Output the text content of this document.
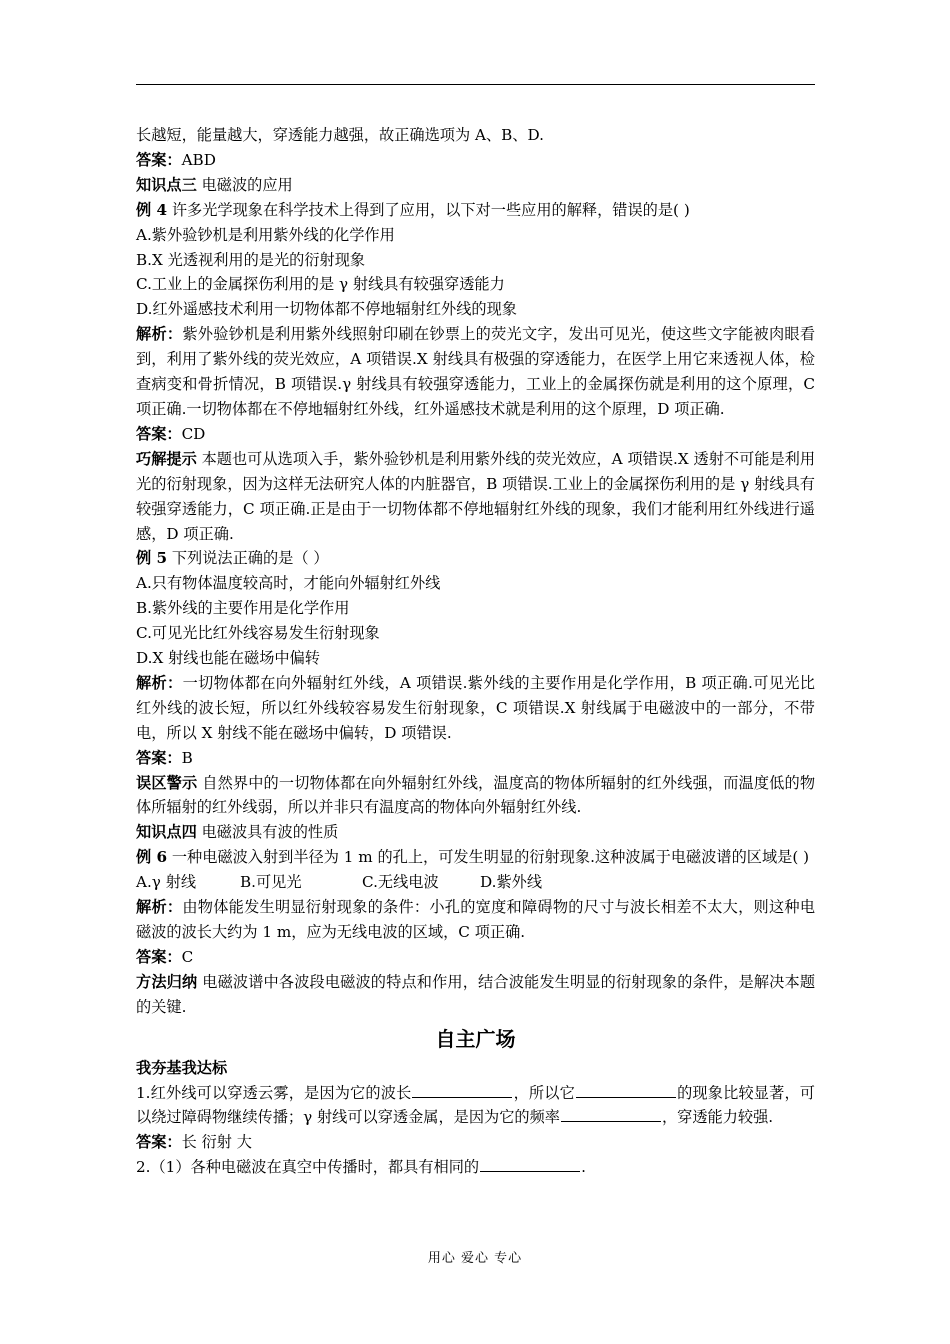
长越短，能量越大，穿透能力越强，故正确选项为 A、B、D.
答案：ABD
知识点三 电磁波的应用
例 4 许多光学现象在科学技术上得到了应用，以下对一些应用的解释，错误的是( )
A.紫外验钞机是利用紫外线的化学作用
B.X 光透视利用的是光的衍射现象
C.工业上的金属探伤利用的是 γ 射线具有较强穿透能力
D.红外遥感技术利用一切物体都不停地辐射红外线的现象
解析：紫外验钞机是利用紫外线照射印刷在钞票上的荧光文字，发出可见光，使这些文字能被肉眼看到，利用了紫外线的荧光效应，A 项错误.X 射线具有极强的穿透能力，在医学上用它来透视人体，检查病变和骨折情况，B 项错误.γ 射线具有较强穿透能力，工业上的金属探伤就是利用的这个原理，C 项正确.一切物体都在不停地辐射红外线，红外遥感技术就是利用的这个原理，D 项正确.
答案：CD
巧解提示 本题也可从选项入手，紫外验钞机是利用紫外线的荧光效应，A 项错误.X 透射不可能是利用光的衍射现象，因为这样无法研究人体的内脏器官，B 项错误.工业上的金属探伤利用的是 γ 射线具有较强穿透能力，C 项正确.正是由于一切物体都不停地辐射红外线的现象，我们才能利用红外线进行遥感，D 项正确.
例 5 下列说法正确的是（ ）
A.只有物体温度较高时，才能向外辐射红外线
B.紫外线的主要作用是化学作用
C.可见光比红外线容易发生衍射现象
D.X 射线也能在磁场中偏转
解析：一切物体都在向外辐射红外线，A 项错误.紫外线的主要作用是化学作用，B 项正确.可见光比红外线的波长短，所以红外线较容易发生衍射现象，C 项错误.X 射线属于电磁波中的一部分，不带电，所以 X 射线不能在磁场中偏转，D 项错误.
答案：B
误区警示 自然界中的一切物体都在向外辐射红外线，温度高的物体所辐射的红外线强，而温度低的物体所辐射的红外线弱，所以并非只有温度高的物体向外辐射红外线.
知识点四 电磁波具有波的性质
例 6 一种电磁波入射到半径为 1 m 的孔上，可发生明显的衍射现象.这种波属于电磁波谱的区域是( )
A.γ 射线	B.可见光	C.无线电波	D.紫外线
解析：由物体能发生明显衍射现象的条件：小孔的宽度和障碍物的尺寸与波长相差不太大，则这种电磁波的波长大约为 1 m，应为无线电波的区域，C 项正确.
答案：C
方法归纳 电磁波谱中各波段电磁波的特点和作用，结合波能发生明显的衍射现象的条件，是解决本题的关键.
自主广场
我夯基我达标
1.红外线可以穿透云雾，是因为它的波长	，所以它	的现象比较显著，可以绕过障碍物继续传播；γ 射线可以穿透金属，是因为它的频率	，穿透能力较强.
答案：长 衍射 大
2.（1）各种电磁波在真空中传播时，都具有相同的	.
用心 爱心 专心
